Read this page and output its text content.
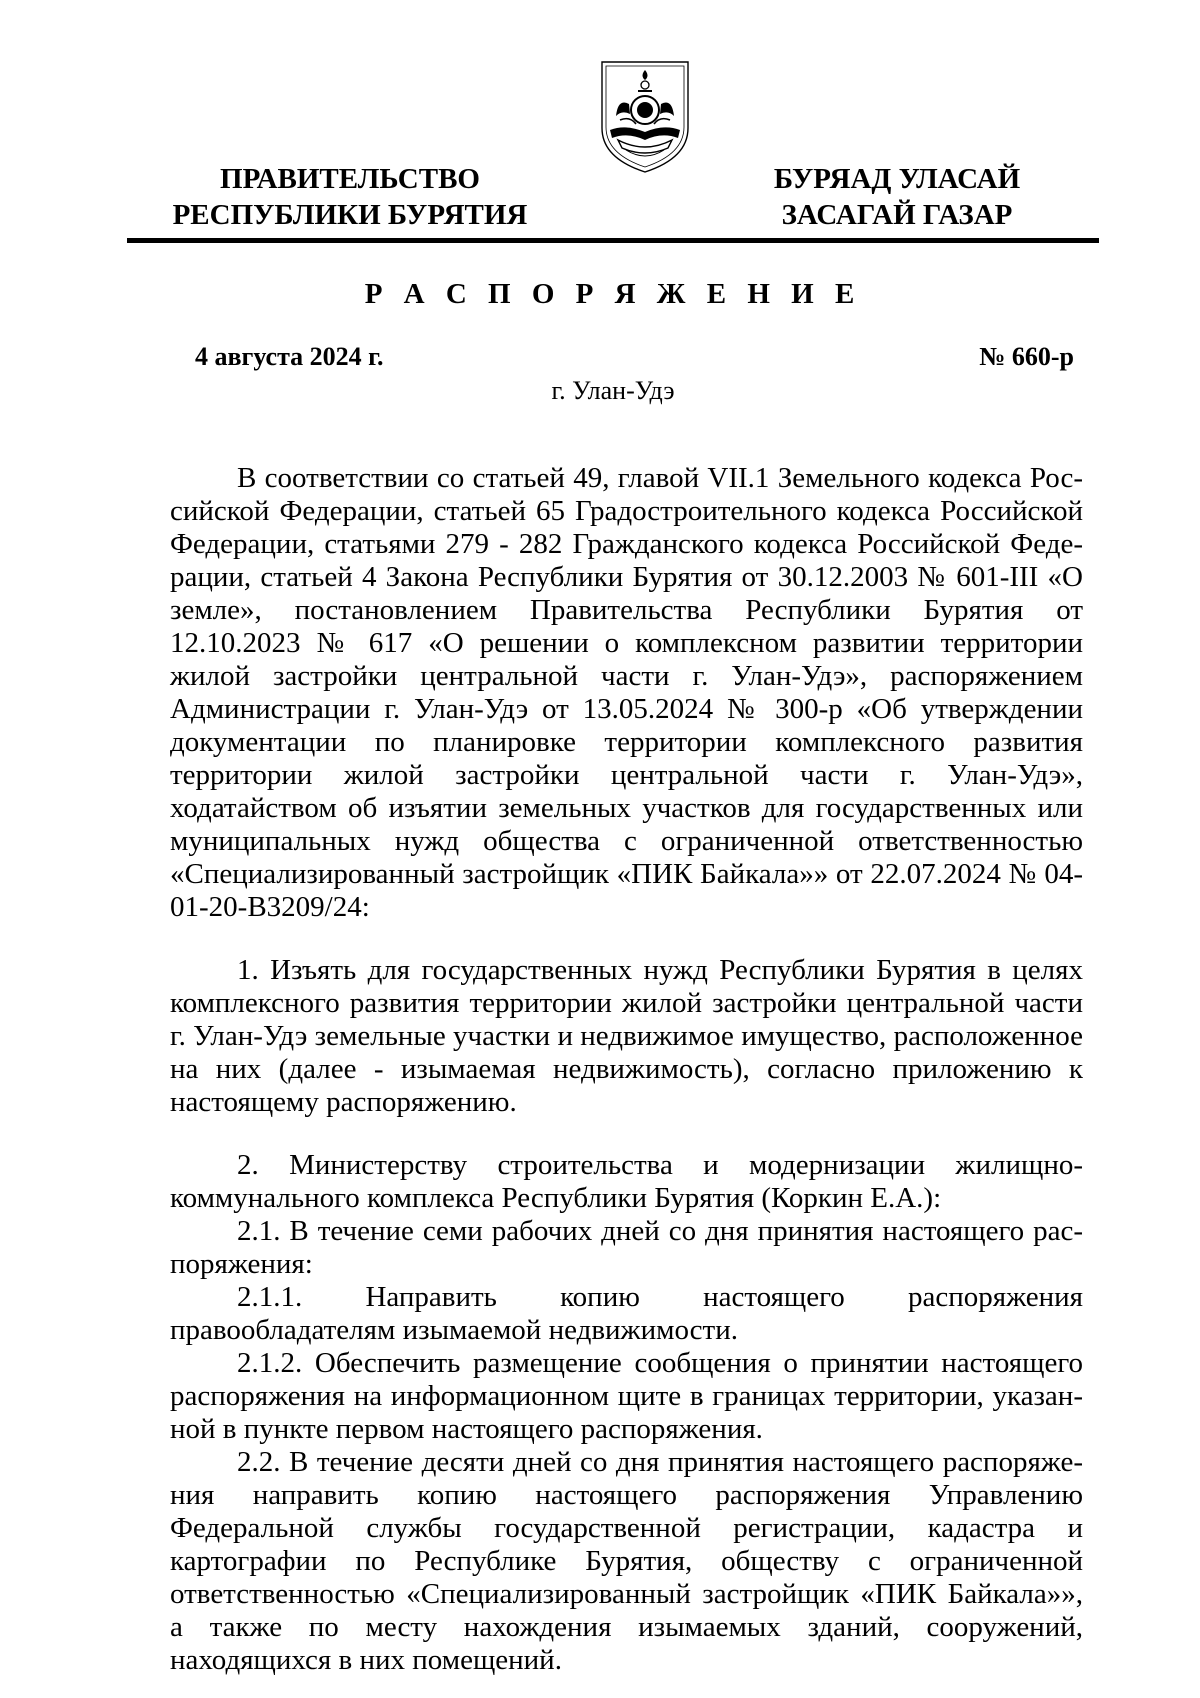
ПРАВИТЕЛЬСТВО
РЕСПУБЛИКИ БУРЯТИЯ
БУРЯАД УЛАСАЙ
ЗАСАГАЙ ГАЗАР
Р А С П О Р Я Ж Е Н И Е
4 августа 2024 г.	№ 660-р
г. Улан-Удэ

В соответствии со статьей 49, главой VII.1 Земельного кодекса Российской Федерации, статьей 65 Градостроительного кодекса Российской Федерации, статьями 279 - 282 Гражданского кодекса Российской Федерации, статьей 4 Закона Республики Бурятия от 30.12.2003 № 601-III «О земле», постановлением Правительства Республики Бурятия от 12.10.2023 № 617 «О решении о комплексном развитии территории жилой застройки центральной части г. Улан-Удэ», распоряжением Администрации г. Улан-Удэ от 13.05.2024 № 300-р «Об утверждении документации по планировке территории комплексного развития территории жилой застройки центральной части г. Улан-Удэ», ходатайством об изъятии земельных участков для государственных или муниципальных нужд общества с ограниченной ответственностью «Специализированный застройщик «ПИК Байкала»» от 22.07.2024 № 04-01-20-В3209/24:

1. Изъять для государственных нужд Республики Бурятия в целях комплексного развития территории жилой застройки центральной части г. Улан-Удэ земельные участки и недвижимое имущество, расположенное на них (далее - изымаемая недвижимость), согласно приложению к настоящему распоряжению.

2. Министерству строительства и модернизации жилищно-коммунального комплекса Республики Бурятия (Коркин Е.А.):

2.1. В течение семи рабочих дней со дня принятия настоящего распоряжения:

2.1.1. Направить копию настоящего распоряжения правообладателям изымаемой недвижимости.

2.1.2. Обеспечить размещение сообщения о принятии настоящего распоряжения на информационном щите в границах территории, указанной в пункте первом настоящего распоряжения.

2.2. В течение десяти дней со дня принятия настоящего распоряжения направить копию настоящего распоряжения Управлению Федеральной службы государственной регистрации, кадастра и картографии по Республике Бурятия, обществу с ограниченной ответственностью «Специализированный застройщик «ПИК Байкала»», а также по месту нахождения изымаемых зданий, сооружений, находящихся в них помещений.
